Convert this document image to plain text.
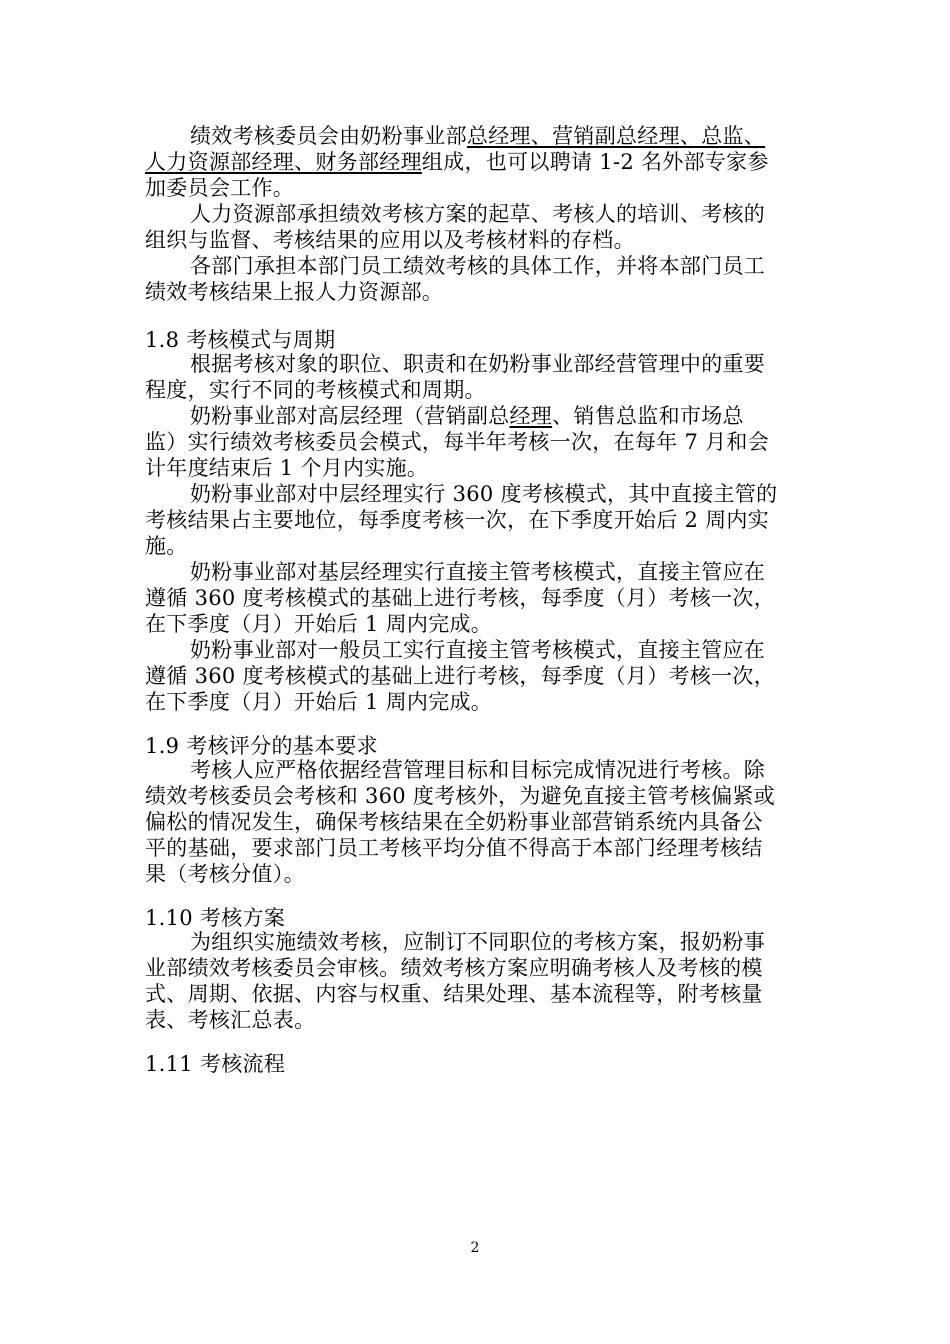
绩效考核委员会由奶粉事业部总经理、营销副总经理、总监、
人力资源部经理、财务部经理组成，也可以聘请 1-2 名外部专家参
加委员会工作。
人力资源部承担绩效考核方案的起草、考核人的培训、考核的
组织与监督、考核结果的应用以及考核材料的存档。
各部门承担本部门员工绩效考核的具体工作，并将本部门员工
绩效考核结果上报人力资源部。
1.8 考核模式与周期
根据考核对象的职位、职责和在奶粉事业部经营管理中的重要
程度，实行不同的考核模式和周期。
奶粉事业部对高层经理（营销副总经理、销售总监和市场总
监）实行绩效考核委员会模式，每半年考核一次，在每年 7 月和会
计年度结束后 1 个月内实施。
奶粉事业部对中层经理实行 360 度考核模式，其中直接主管的
考核结果占主要地位，每季度考核一次，在下季度开始后 2 周内实
施。
奶粉事业部对基层经理实行直接主管考核模式，直接主管应在
遵循 360 度考核模式的基础上进行考核，每季度（月）考核一次，
在下季度（月）开始后 1 周内完成。
奶粉事业部对一般员工实行直接主管考核模式，直接主管应在
遵循 360 度考核模式的基础上进行考核，每季度（月）考核一次，
在下季度（月）开始后 1 周内完成。
1.9 考核评分的基本要求
考核人应严格依据经营管理目标和目标完成情况进行考核。除
绩效考核委员会考核和 360 度考核外，为避免直接主管考核偏紧或
偏松的情况发生，确保考核结果在全奶粉事业部营销系统内具备公
平的基础，要求部门员工考核平均分值不得高于本部门经理考核结
果（考核分值）。
1.10 考核方案
为组织实施绩效考核，应制订不同职位的考核方案，报奶粉事
业部绩效考核委员会审核。绩效考核方案应明确考核人及考核的模
式、周期、依据、内容与权重、结果处理、基本流程等，附考核量
表、考核汇总表。
1.11 考核流程
2
